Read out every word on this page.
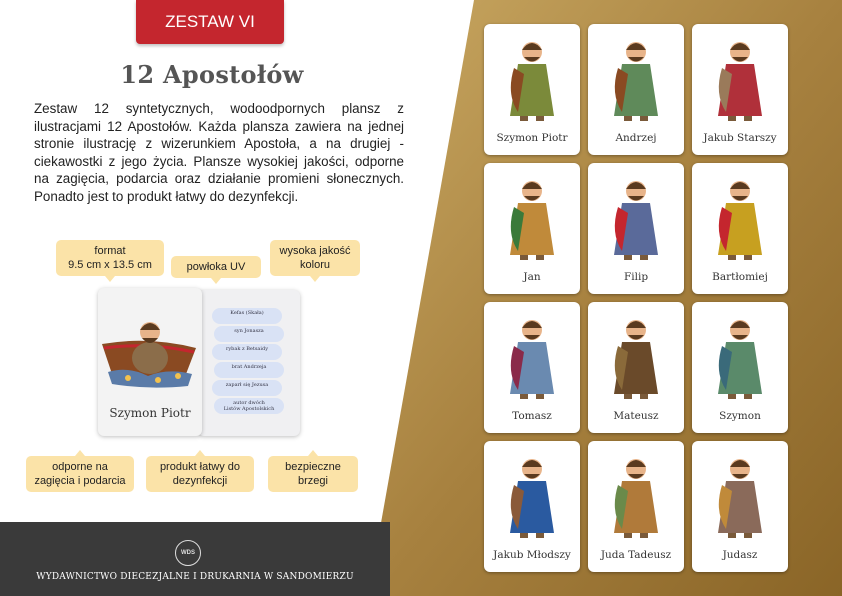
ZESTAW VI
12 Apostołów
Zestaw 12 syntetycznych, wodoodpornych plansz z ilustracjami 12 Apostołów. Każda plansza zawiera na jednej stronie ilustrację z wizerunkiem Apostoła, a na drugiej - ciekawostki z jego życia. Plansze wysokiej jakości, odporne na zagięcia, podarcia oraz działanie promieni słonecznych. Ponadto jest to produkt łatwy do dezynfekcji.
format
9.5 cm x 13.5 cm	powłoka UV
wysoka jakość
koloru
Kefas (Skała)
syn Jonasza
rybak z Betsaidy
brat Andrzeja
zaparł się Jezusa
autor dwóch
Listów Apostolskich
Szymon Piotr
odporne na
zagięcia i podarcia
produkt łatwy do
dezynfekcji
bezpieczne
brzegi
WDS
WYDAWNICTWO DIECEZJALNE I DRUKARNIA W SANDOMIERZU
Szymon Piotr	Andrzej	Jakub Starszy
Jan	Filip	Bartłomiej
Tomasz	Mateusz	Szymon
Jakub Młodszy	Juda Tadeusz	Judasz
